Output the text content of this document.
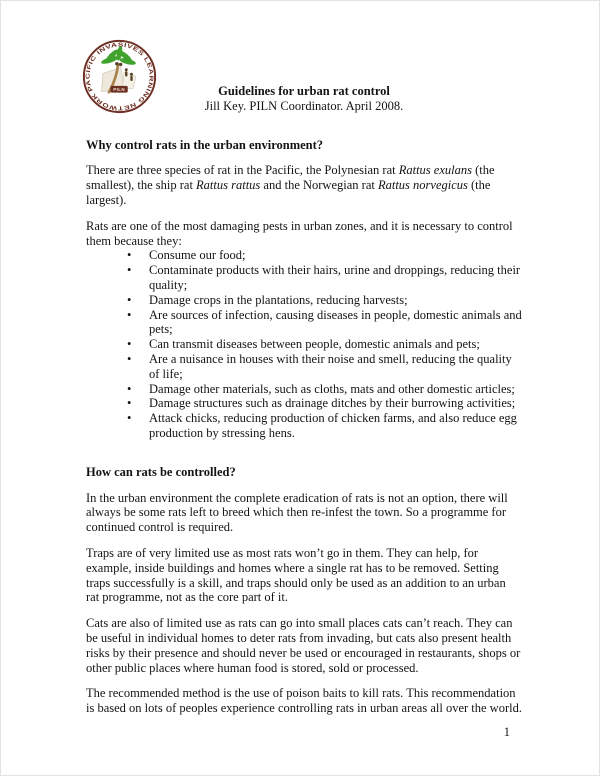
PILN
PACIFIC INVASIVES LEARNING NETWORK	Guidelines for urban rat control
Jill Key. PILN Coordinator. April 2008.
Why control rats in the urban environment?

There are three species of rat in the Pacific, the Polynesian rat Rattus exulans (the smallest), the ship rat Rattus rattus and the Norwegian rat Rattus norvegicus (the largest).

Rats are one of the most damaging pests in urban zones, and it is necessary to control them because they:

• Consume our food;
• Contaminate products with their hairs, urine and droppings, reducing their quality;
• Damage crops in the plantations, reducing harvests;
• Are sources of infection, causing diseases in people, domestic animals and pets;
• Can transmit diseases between people, domestic animals and pets;
• Are a nuisance in houses with their noise and smell, reducing the quality of life;
• Damage other materials, such as cloths, mats and other domestic articles;
• Damage structures such as drainage ditches by their burrowing activities;
• Attack chicks, reducing production of chicken farms, and also reduce egg production by stressing hens.
How can rats be controlled?

In the urban environment the complete eradication of rats is not an option, there will always be some rats left to breed which then re-infest the town. So a programme for continued control is required.

Traps are of very limited use as most rats won’t go in them. They can help, for example, inside buildings and homes where a single rat has to be removed. Setting traps successfully is a skill, and traps should only be used as an addition to an urban rat programme, not as the core part of it.

Cats are also of limited use as rats can go into small places cats can’t reach. They can be useful in individual homes to deter rats from invading, but cats also present health risks by their presence and should never be used or encouraged in restaurants, shops or other public places where human food is stored, sold or processed.

The recommended method is the use of poison baits to kill rats. This recommendation is based on lots of peoples experience controlling rats in urban areas all over the world.

1
